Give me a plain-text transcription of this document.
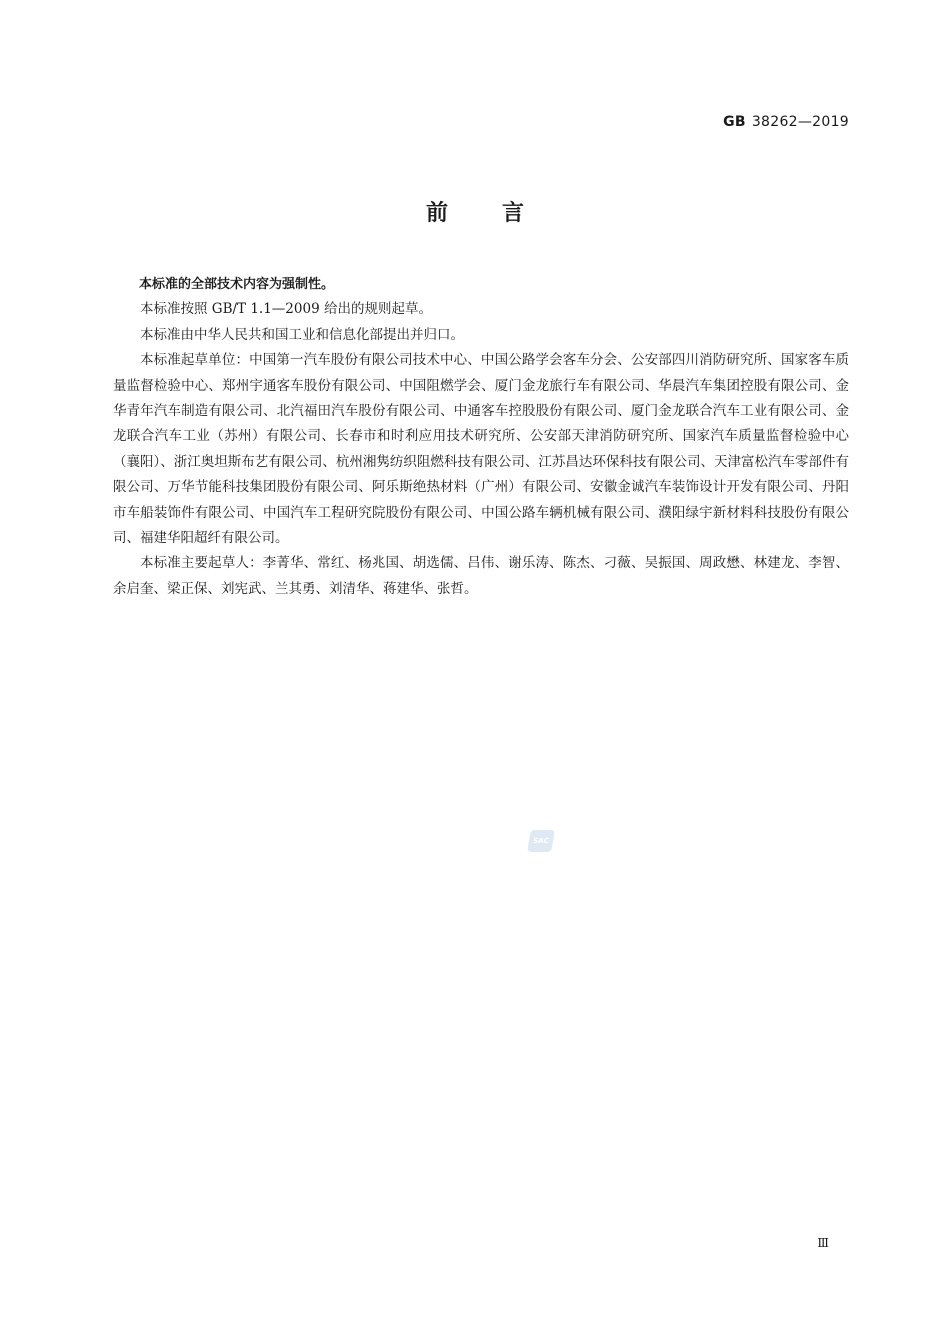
GB 38262—2019
前 言

本标准的全部技术内容为强制性。

本标准按照 GB/T 1.1—2009 给出的规则起草。

本标准由中华人民共和国工业和信息化部提出并归口。

本标准起草单位：中国第一汽车股份有限公司技术中心、中国公路学会客车分会、公安部四川消防研究所、国家客车质量监督检验中心、郑州宇通客车股份有限公司、中国阻燃学会、厦门金龙旅行车有限公司、华晨汽车集团控股有限公司、金华青年汽车制造有限公司、北汽福田汽车股份有限公司、中通客车控股股份有限公司、厦门金龙联合汽车工业有限公司、金龙联合汽车工业（苏州）有限公司、长春市和时利应用技术研究所、公安部天津消防研究所、国家汽车质量监督检验中心（襄阳）、浙江奥坦斯布艺有限公司、杭州湘隽纺织阻燃科技有限公司、江苏昌达环保科技有限公司、天津富松汽车零部件有限公司、万华节能科技集团股份有限公司、阿乐斯绝热材料（广州）有限公司、安徽金诚汽车装饰设计开发有限公司、丹阳市车船装饰件有限公司、中国汽车工程研究院股份有限公司、中国公路车辆机械有限公司、濮阳绿宇新材料科技股份有限公司、福建华阳超纤有限公司。

本标准主要起草人：李菁华、常红、杨兆国、胡选儒、吕伟、谢乐涛、陈杰、刁薇、吴振国、周政懋、林建龙、李智、余启奎、梁正保、刘宪武、兰其勇、刘清华、蒋建华、张哲。

SAC
Ⅲ
